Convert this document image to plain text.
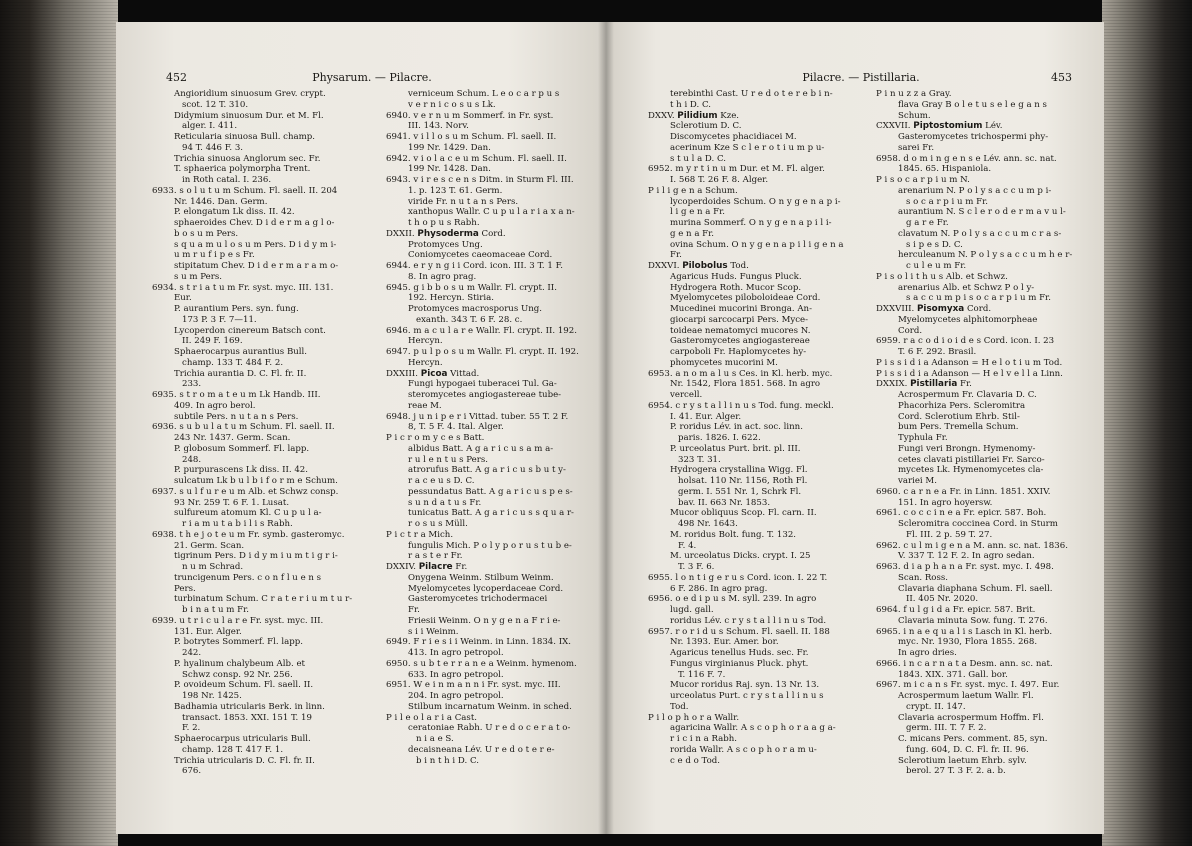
452	Physarum. — Pilacre.
Angioridium sinuosum Grev. crypt.
scot. 12 T. 310.
Didymium sinuosum Dur. et M. Fl.
alger. I. 411.
Reticularia sinuosa Bull. champ.
94 T. 446 F. 3.
Trichia sinuosa Anglorum sec. Fr.
T. sphaerica polymorpha Trent.
in Roth catal. I. 236.
6933. s o l u t u m Schum. Fl. saell. II. 204
Nr. 1446. Dan. Germ.
P. elongatum Lk diss. II. 42.
sphaeroides Chev. D i d e r m a g l o-
b o s u m Pers.
s q u a m u l o s u m Pers. D i d y m i-
u m r u f i p e s Fr.
stipitatum Chev. D i d e r m a r a m o-
s u m Pers.
6934. s t r i a t u m Fr. syst. myc. III. 131.
Eur.
P. aurantium Pers. syn. fung.
173 P. 3 F. 7—11.
Lycoperdon cinereum Batsch cont.
II. 249 F. 169.
Sphaerocarpus aurantius Bull.
champ. 133 T. 484 F. 2.
Trichia aurantia D. C. Fl. fr. II.
233.
6935. s t r o m a t e u m Lk Handb. III.
409. In agro berol.
subtile Pers. n u t a n s Pers.
6936. s u b u l a t u m Schum. Fl. saell. II.
243 Nr. 1437. Germ. Scan.
P. globosum Sommerf. Fl. lapp.
248.
P. purpurascens Lk diss. II. 42.
sulcatum Lk b u l b i f o r m e Schum.
6937. s u l f u r e u m Alb. et Schwz consp.
93 Nr. 259 T. 6 F. 1. Lusat.
sulfureum atomum Kl. C u p u l a-
r i a m u t a b i l i s Rabh.
6938. t h e j o t e u m Fr. symb. gasteromyc.
21. Germ. Scan.
tigrinum Pers. D i d y m i u m t i g r i-
n u m Schrad.
truncigenum Pers. c o n f l u e n s
Pers.
turbinatum Schum. C r a t e r i u m t u r-
b i n a t u m Fr.
6939. u t r i c u l a r e Fr. syst. myc. III.
131. Eur. Alger.
P. botrytes Sommerf. Fl. lapp.
242.
P. hyalinum chalybeum Alb. et
Schwz consp. 92 Nr. 256.
P. ovoideum Schum. Fl. saell. II.
198 Nr. 1425.
Badhamia utricularis Berk. in linn.
transact. 1853. XXI. 151 T. 19
F. 2.
Sphaerocarpus utricularis Bull.
champ. 128 T. 417 F. 1.
Trichia utricularis D. C. Fl. fr. II.
676.
verniceum Schum. L e o c a r p u s
v e r n i c o s u s Lk.
6940. v e r n u m Sommerf. in Fr. syst.
III. 143. Norv.
6941. v i l l o s u m Schum. Fl. saell. II.
199 Nr. 1429. Dan.
6942. v i o l a c e u m Schum. Fl. saell. II.
199 Nr. 1428. Dan.
6943. v i r e s c e n s Ditm. in Sturm Fl. III.
1. p. 123 T. 61. Germ.
viride Fr. n u t a n s Pers.
xanthopus Wallr. C u p u l a r i a x a n-
t h o p u s Rabh.
DXXII. Physoderma Cord.
Protomyces Ung.
Coniomycetes caeomaceae Cord.
6944. e r y n g i i Cord. icon. III. 3 T. 1 F.
8. In agro prag.
6945. g i b b o s u m Wallr. Fl. crypt. II.
192. Hercyn. Stiria.
Protomyces macrosporus Ung.
exanth. 343 T. 6 F. 28. c.
6946. m a c u l a r e Wallr. Fl. crypt. II. 192.
Hercyn.
6947. p u l p o s u m Wallr. Fl. crypt. II. 192.
Hercyn.
DXXIII. Picoa Vittad.
Fungi hypogaei tuberacei Tul. Ga-
steromycetes angiogastereae tube-
reae M.
6948. j u n i p e r i Vittad. tuber. 55 T. 2 F.
8, T. 5 F. 4. Ital. Alger.
P i c r o m y c e s Batt.
albidus Batt. A g a r i c u s a m a-
r u l e n t u s Pers.
atrorufus Batt. A g a r i c u s b u t y-
r a c e u s D. C.
pessundatus Batt. A g a r i c u s p e s-
s u n d a t u s Fr.
tunicatus Batt. A g a r i c u s s q u a r-
r o s u s Müll.
P i c t r a Mich.
fungulis Mich. P o l y p o r u s t u b e-
r a s t e r Fr.
DXXIV. Pilacre Fr.
Onygena Weinm. Stilbum Weinm.
Myelomycetes lycoperdaceae Cord.
Gasteromycetes trichodermacei
Fr.
Friesii Weinm. O n y g e n a F r i e-
s i i Weinm.
6949. F r i e s i i Weinm. in Linn. 1834. IX.
413. In agro petropol.
6950. s u b t e r r a n e a Weinm. hymenom.
633. In agro petropol.
6951. W e i n m a n n i Fr. syst. myc. III.
204. In agro petropol.
Stilbum incarnatum Weinm. in sched.
P i l e o l a r i a Cast.
ceratoniae Rabh. U r e d o c e r a t o-
n i a e S.
decaisneana Lév. U r e d o t e r e-
b i n t h i D. C.
Pilacre. — Pistillaria.	453
terebinthi Cast. U r e d o t e r e b i n-
t h i D. C.
DXXV. Pilidium Kze.
Sclerotium D. C.
Discomycetes phacidiacei M.
acerinum Kze S c l e r o t i u m p u-
s t u l a D. C.
6952. m y r t i n u m Dur. et M. Fl. alger.
I. 568 T. 26 F. 8. Alger.
P i l i g e n a Schum.
lycoperdoides Schum. O n y g e n a p i-
l i g e n a Fr.
murina Sommerf. O n y g e n a p i l i-
g e n a Fr.
ovina Schum. O n y g e n a p i l i g e n a
Fr.
DXXVI. Pilobolus Tod.
Agaricus Huds. Fungus Pluck.
Hydrogera Roth. Mucor Scop.
Myelomycetes piloboloideae Cord.
Mucedinei mucorini Bronga. An-
giocarpi sarcocarpi Pers. Myce-
toideae nematomyci mucores N.
Gasteromycetes angiogastereae
carpoboli Fr. Haplomycetes hy-
phomycetes mucorini M.
6953. a n o m a l u s Ces. in Kl. herb. myc.
Nr. 1542, Flora 1851. 568. In agro
vercell.
6954. c r y s t a l l i n u s Tod. fung. meckl.
I. 41. Eur. Alger.
P. roridus Lév. in act. soc. linn.
paris. 1826. I. 622.
P. urceolatus Purt. brit. pl. III.
323 T. 31.
Hydrogera crystallina Wigg. Fl.
holsat. 110 Nr. 1156, Roth Fl.
germ. I. 551 Nr. 1, Schrk Fl.
bav. II. 663 Nr. 1853.
Mucor obliquus Scop. Fl. carn. II.
498 Nr. 1643.
M. roridus Bolt. fung. T. 132.
F. 4.
M. urceolatus Dicks. crypt. I. 25
T. 3 F. 6.
6955. l o n t i g e r u s Cord. icon. I. 22 T.
6 F. 286. In agro prag.
6956. o e d i p u s M. syll. 239. In agro
lugd. gall.
roridus Lév. c r y s t a l l i n u s Tod.
6957. r o r i d u s Schum. Fl. saell. II. 188
Nr. 1393. Eur. Amer. bor.
Agaricus tenellus Huds. sec. Fr.
Fungus virginianus Pluck. phyt.
T. 116 F. 7.
Mucor roridus Raj. syn. 13 Nr. 13.
urceolatus Purt. c r y s t a l l i n u s
Tod.
P i l o p h o r a Wallr.
agaricina Wallr. A s c o p h o r a a g a-
r i c i n a Rabh.
rorida Wallr. A s c o p h o r a m u-
c e d o Tod.
P i n u z z a Gray.
flava Gray B o l e t u s e l e g a n s
Schum.
CXXVII. Piptostomium Lév.
Gasteromycetes trichospermi phy-
sarei Fr.
6958. d o m i n g e n s e Lév. ann. sc. nat.
1845. 65. Hispaniola.
P i s o c a r p i u m N.
arenarium N. P o l y s a c c u m p i-
s o c a r p i u m Fr.
aurantium N. S c l e r o d e r m a v u l-
g a r e Fr.
clavatum N. P o l y s a c c u m c r a s-
s i p e s D. C.
herculeanum N. P o l y s a c c u m h e r-
c u l e u m Fr.
P i s o l i t h u s Alb. et Schwz.
arenarius Alb. et Schwz P o l y-
s a c c u m p i s o c a r p i u m Fr.
DXXVIII. Pisomyxa Cord.
Myelomycetes alphitomorpheae
Cord.
6959. r a c o d i o i d e s Cord. icon. I. 23
T. 6 F. 292. Brasil.
P i s s i d i a Adanson = H e l o t i u m Tod.
P i s s i d i a Adanson — H e l v e l l a Linn.
DXXIX. Pistillaria Fr.
Acrospermum Fr. Clavaria D. C.
Phacorhiza Pers. Scleromitra
Cord. Sclerotium Ehrb. Stil-
bum Pers. Tremella Schum.
Typhula Fr.
Fungi veri Brongn. Hymenomy-
cetes clavati pistillariei Fr. Sarco-
mycetes Lk. Hymenomycetes cla-
variei M.
6960. c a r n e a Fr. in Linn. 1851. XXIV.
151. In agro hoyersw.
6961. c o c c i n e a Fr. epicr. 587. Boh.
Scleromitra coccinea Cord. in Sturm
Fl. III. 2 p. 59 T. 27.
6962. c u l m i g e n a M. ann. sc. nat. 1836.
V. 337 T. 12 F. 2. In agro sedan.
6963. d i a p h a n a Fr. syst. myc. I. 498.
Scan. Ross.
Clavaria diaphana Schum. Fl. saell.
II. 405 Nr. 2020.
6964. f u l g i d a Fr. epicr. 587. Brit.
Clavaria minuta Sow. fung. T. 276.
6965. i n a e q u a l i s Lasch in Kl. herb.
myc. Nr. 1930, Flora 1855. 268.
In agro dries.
6966. i n c a r n a t a Desm. ann. sc. nat.
1843. XIX. 371. Gall. bor.
6967. m i c a n s Fr. syst. myc. I. 497. Eur.
Acrospermum laetum Wallr. Fl.
crypt. II. 147.
Clavaria acrospermum Hoffm. Fl.
germ. III. T. 7 F. 2.
C. micans Pers. comment. 85, syn.
fung. 604, D. C. Fl. fr. II. 96.
Sclerotium laetum Ehrb. sylv.
berol. 27 T. 3 F. 2. a. b.
